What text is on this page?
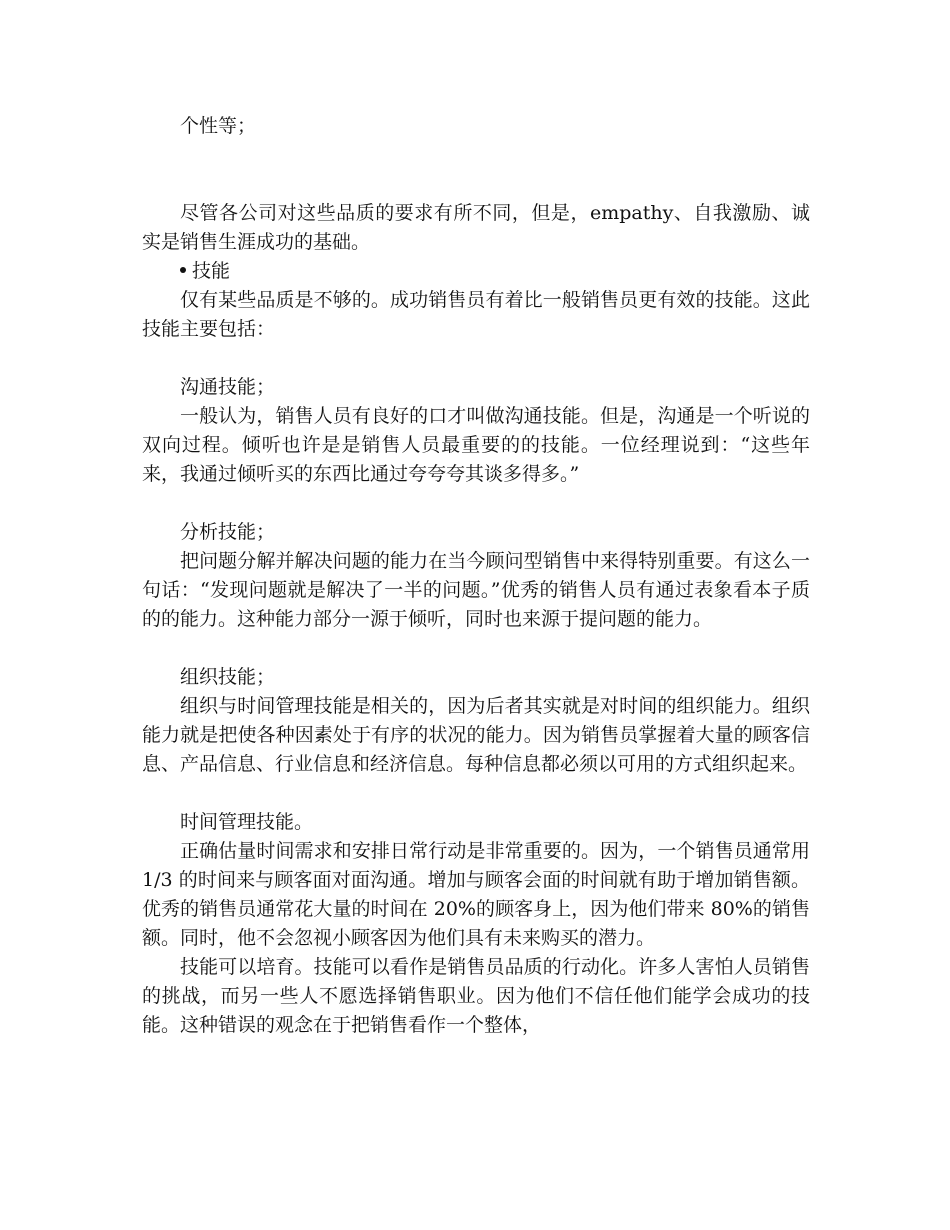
个性等；

尽管各公司对这些品质的要求有所不同，但是，empathy、自我激励、诚实是销售生涯成功的基础。

技能

仅有某些品质是不够的。成功销售员有着比一般销售员更有效的技能。这此技能主要包括：

沟通技能；

一般认为，销售人员有良好的口才叫做沟通技能。但是，沟通是一个听说的双向过程。倾听也许是是销售人员最重要的的技能。一位经理说到：“这些年来，我通过倾听买的东西比通过夸夸夸其谈多得多。”

分析技能；

把问题分解并解决问题的能力在当今顾问型销售中来得特别重要。有这么一句话：“发现问题就是解决了一半的问题。”优秀的销售人员有通过表象看本子质的的能力。这种能力部分一源于倾听，同时也来源于提问题的能力。

组织技能；

组织与时间管理技能是相关的，因为后者其实就是对时间的组织能力。组织能力就是把使各种因素处于有序的状况的能力。因为销售员掌握着大量的顾客信息、产品信息、行业信息和经济信息。每种信息都必须以可用的方式组织起来。

时间管理技能。

正确估量时间需求和安排日常行动是非常重要的。因为，一个销售员通常用 1/3 的时间来与顾客面对面沟通。增加与顾客会面的时间就有助于增加销售额。优秀的销售员通常花大量的时间在 20%的顾客身上，因为他们带来 80%的销售额。同时，他不会忽视小顾客因为他们具有未来购买的潜力。

技能可以培育。技能可以看作是销售员品质的行动化。许多人害怕人员销售的挑战，而另一些人不愿选择销售职业。因为他们不信任他们能学会成功的技能。这种错误的观念在于把销售看作一个整体，
